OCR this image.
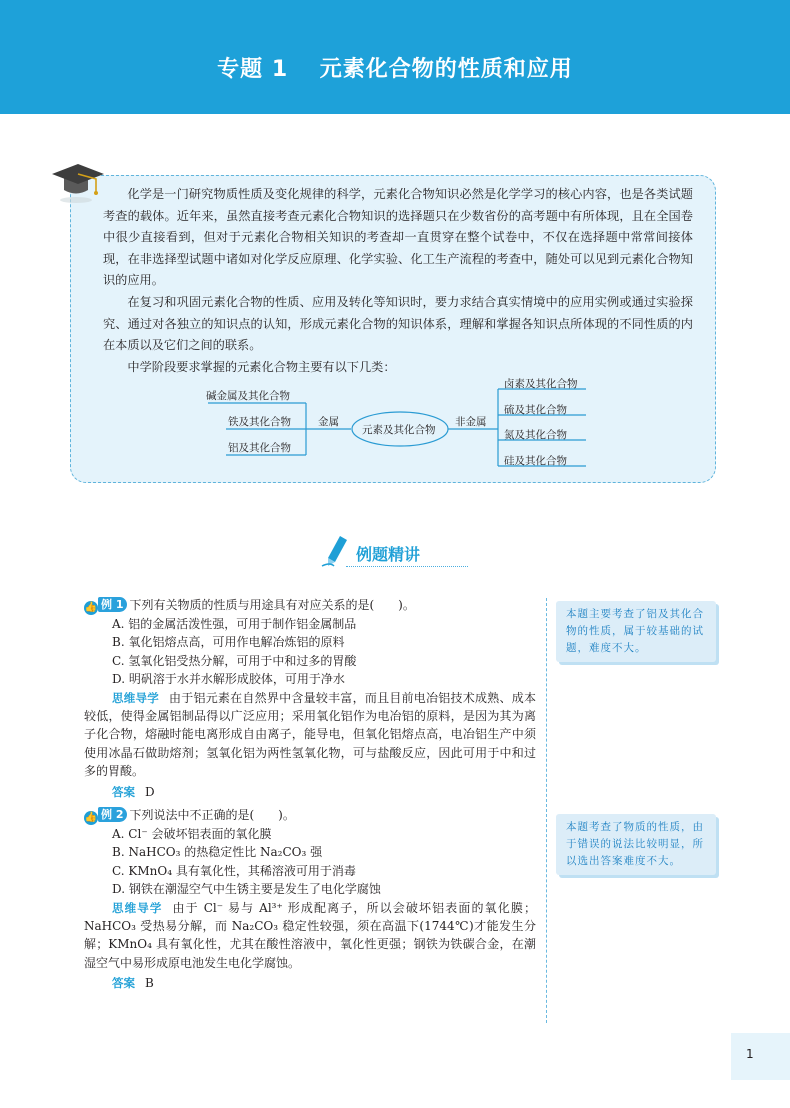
专题 1　 元素化合物的性质和应用

化学是一门研究物质性质及变化规律的科学，元素化合物知识必然是化学学习的核心内容，也是各类试题考查的载体。近年来，虽然直接考查元素化合物知识的选择题只在少数省份的高考题中有所体现，且在全国卷中很少直接看到，但对于元素化合物相关知识的考查却一直贯穿在整个试卷中，不仅在选择题中常常间接体现，在非选择型试题中诸如对化学反应原理、化学实验、化工生产流程的考查中，随处可以见到元素化合物知识的应用。

在复习和巩固元素化合物的性质、应用及转化等知识时，要力求结合真实情境中的应用实例或通过实验探究、通过对各独立的知识点的认知，形成元素化合物的知识体系，理解和掌握各知识点所体现的不同性质的内在本质以及它们之间的联系。

中学阶段要求掌握的元素化合物主要有以下几类：

碱金属及其化合物
铁及其化合物
铝及其化合物
金属
元素及其化合物
非金属
卤素及其化合物
硫及其化合物
氮及其化合物
硅及其化合物
例题精讲

👍 例 1 下列有关物质的性质与用途具有对应关系的是(　　)。

A. 铝的金属活泼性强，可用于制作铝金属制品

B. 氧化铝熔点高，可用作电解冶炼铝的原料

C. 氢氧化铝受热分解，可用于中和过多的胃酸

D. 明矾溶于水并水解形成胶体，可用于净水

思维导学 由于铝元素在自然界中含量较丰富，而且目前电冶铝技术成熟、成本较低，使得金属铝制品得以广泛应用；采用氧化铝作为电冶铝的原料，是因为其为离子化合物，熔融时能电离形成自由离子，能导电，但氧化铝熔点高，电冶铝生产中须使用冰晶石做助熔剂；氢氧化铝为两性氢氧化物，可与盐酸反应，因此可用于中和过多的胃酸。

答案 D

本题主要考查了铝及其化合物的性质，属于较基础的试题，难度不大。

👍 例 2 下列说法中不正确的是(　　)。

A. Cl⁻ 会破坏铝表面的氧化膜

B. NaHCO₃ 的热稳定性比 Na₂CO₃ 强

C. KMnO₄ 具有氧化性，其稀溶液可用于消毒

D. 钢铁在潮湿空气中生锈主要是发生了电化学腐蚀

思维导学 由于 Cl⁻ 易与 Al³⁺ 形成配离子，所以会破坏铝表面的氧化膜；NaHCO₃ 受热易分解，而 Na₂CO₃ 稳定性较强，须在高温下(1744℃)才能发生分解；KMnO₄ 具有氧化性，尤其在酸性溶液中，氧化性更强；钢铁为铁碳合金，在潮湿空气中易形成原电池发生电化学腐蚀。

答案 B

本题考查了物质的性质，由于错误的说法比较明显，所以选出答案难度不大。
1
